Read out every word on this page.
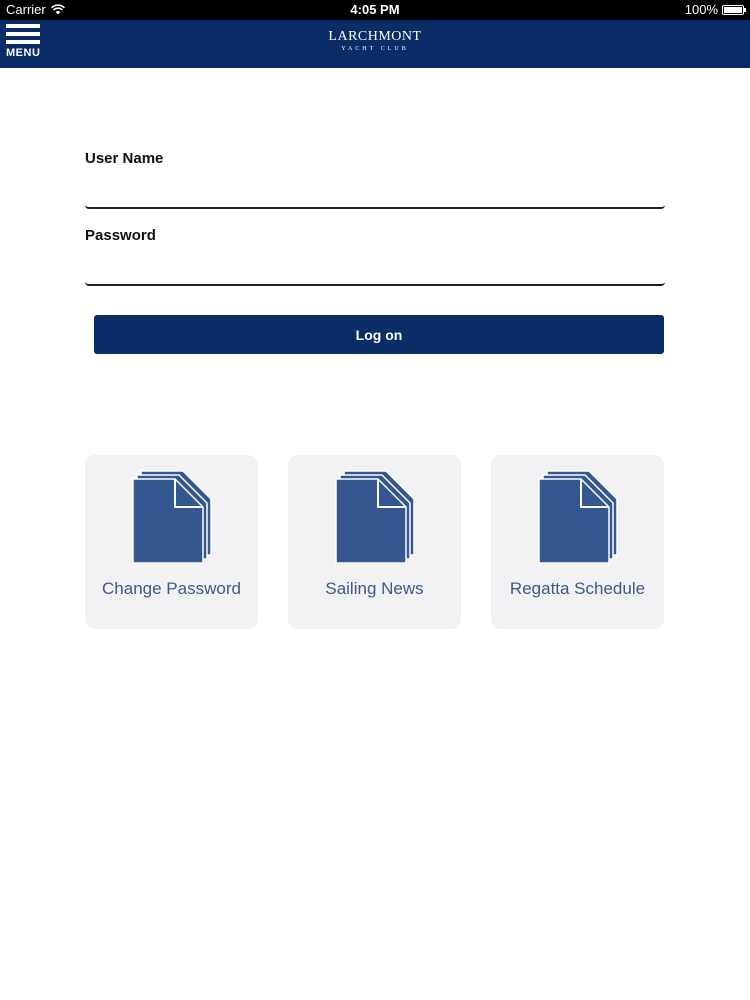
Carrier	4:05 PM	100%
MENU
LARCHMONT
YACHT CLUB
User Name
Password
Log on
Change Password	Sailing News	Regatta Schedule
